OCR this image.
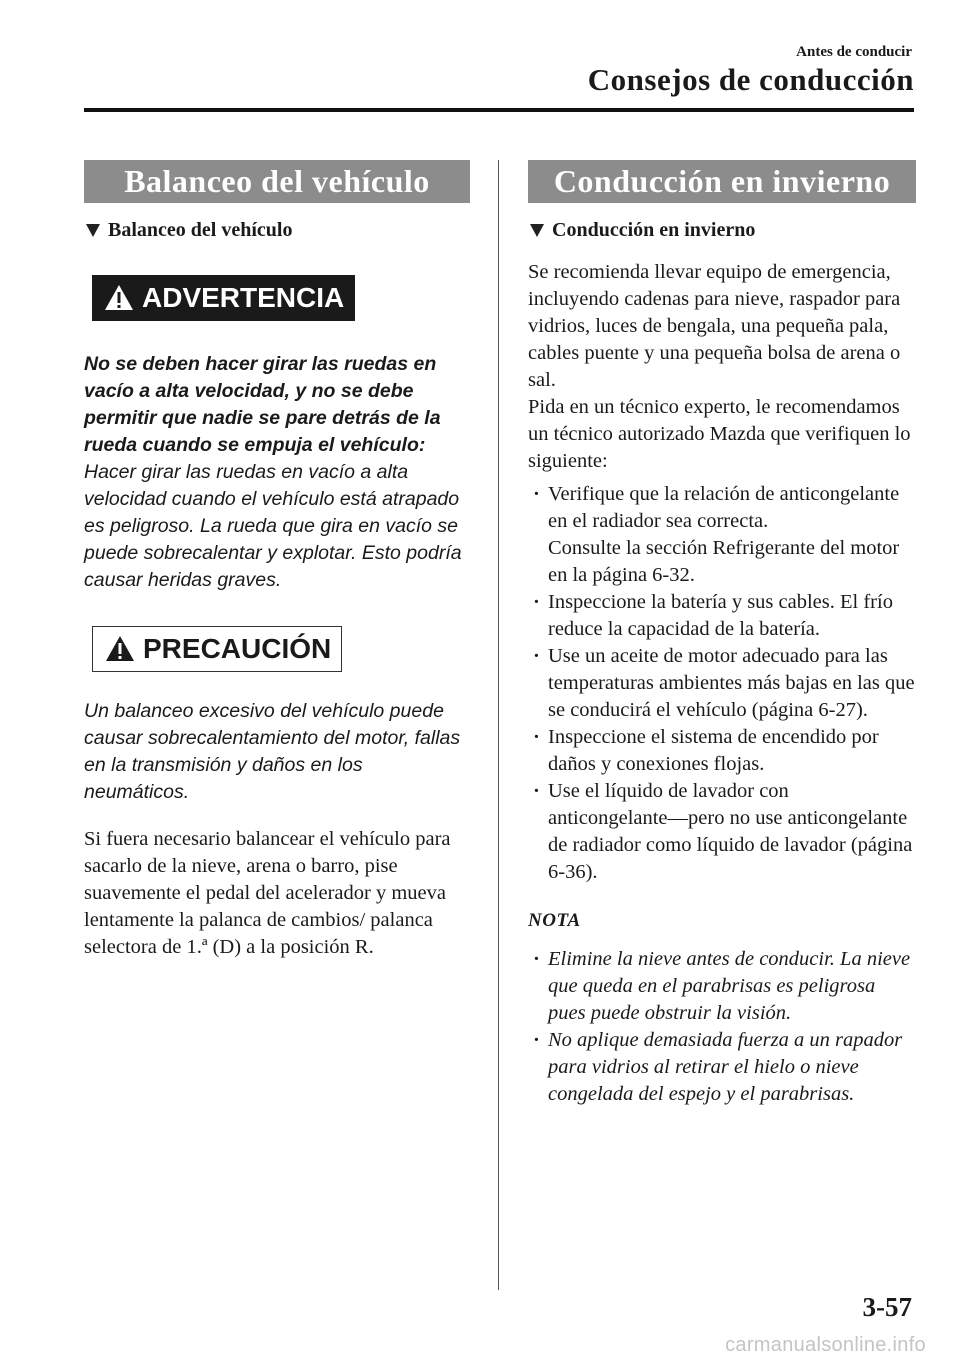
Antes de conducir
Consejos de conducción
Balanceo del vehículo
Balanceo del vehículo
ADVERTENCIA
No se deben hacer girar las ruedas en vacío a alta velocidad, y no se debe permitir que nadie se pare detrás de la rueda cuando se empuja el vehículo:
Hacer girar las ruedas en vacío a alta velocidad cuando el vehículo está atrapado es peligroso. La rueda que gira en vacío se puede sobrecalentar y explotar. Esto podría causar heridas graves.
PRECAUCIÓN
Un balanceo excesivo del vehículo puede causar sobrecalentamiento del motor, fallas en la transmisión y daños en los neumáticos.
Si fuera necesario balancear el vehículo para sacarlo de la nieve, arena o barro, pise suavemente el pedal del acelerador y mueva lentamente la palanca de cambios/ palanca selectora de 1.ª (D) a la posición R.
Conducción en invierno
Conducción en invierno
Se recomienda llevar equipo de emergencia, incluyendo cadenas para nieve, raspador para vidrios, luces de bengala, una pequeña pala, cables puente y una pequeña bolsa de arena o sal.
Pida en un técnico experto, le recomendamos un técnico autorizado Mazda que verifiquen lo siguiente:
· Verifique que la relación de anticongelante en el radiador sea correcta.
Consulte la sección Refrigerante del motor en la página 6-32.
· Inspeccione la batería y sus cables. El frío reduce la capacidad de la batería.
· Use un aceite de motor adecuado para las temperaturas ambientes más bajas en las que se conducirá el vehículo (página 6-27).
· Inspeccione el sistema de encendido por daños y conexiones flojas.
· Use el líquido de lavador con anticongelante―pero no use anticongelante de radiador como líquido de lavador (página 6-36).
NOTA
· Elimine la nieve antes de conducir. La nieve que queda en el parabrisas es peligrosa pues puede obstruir la visión.
· No aplique demasiada fuerza a un rapador para vidrios al retirar el hielo o nieve congelada del espejo y el parabrisas.
3-57
carmanualsonline.info
